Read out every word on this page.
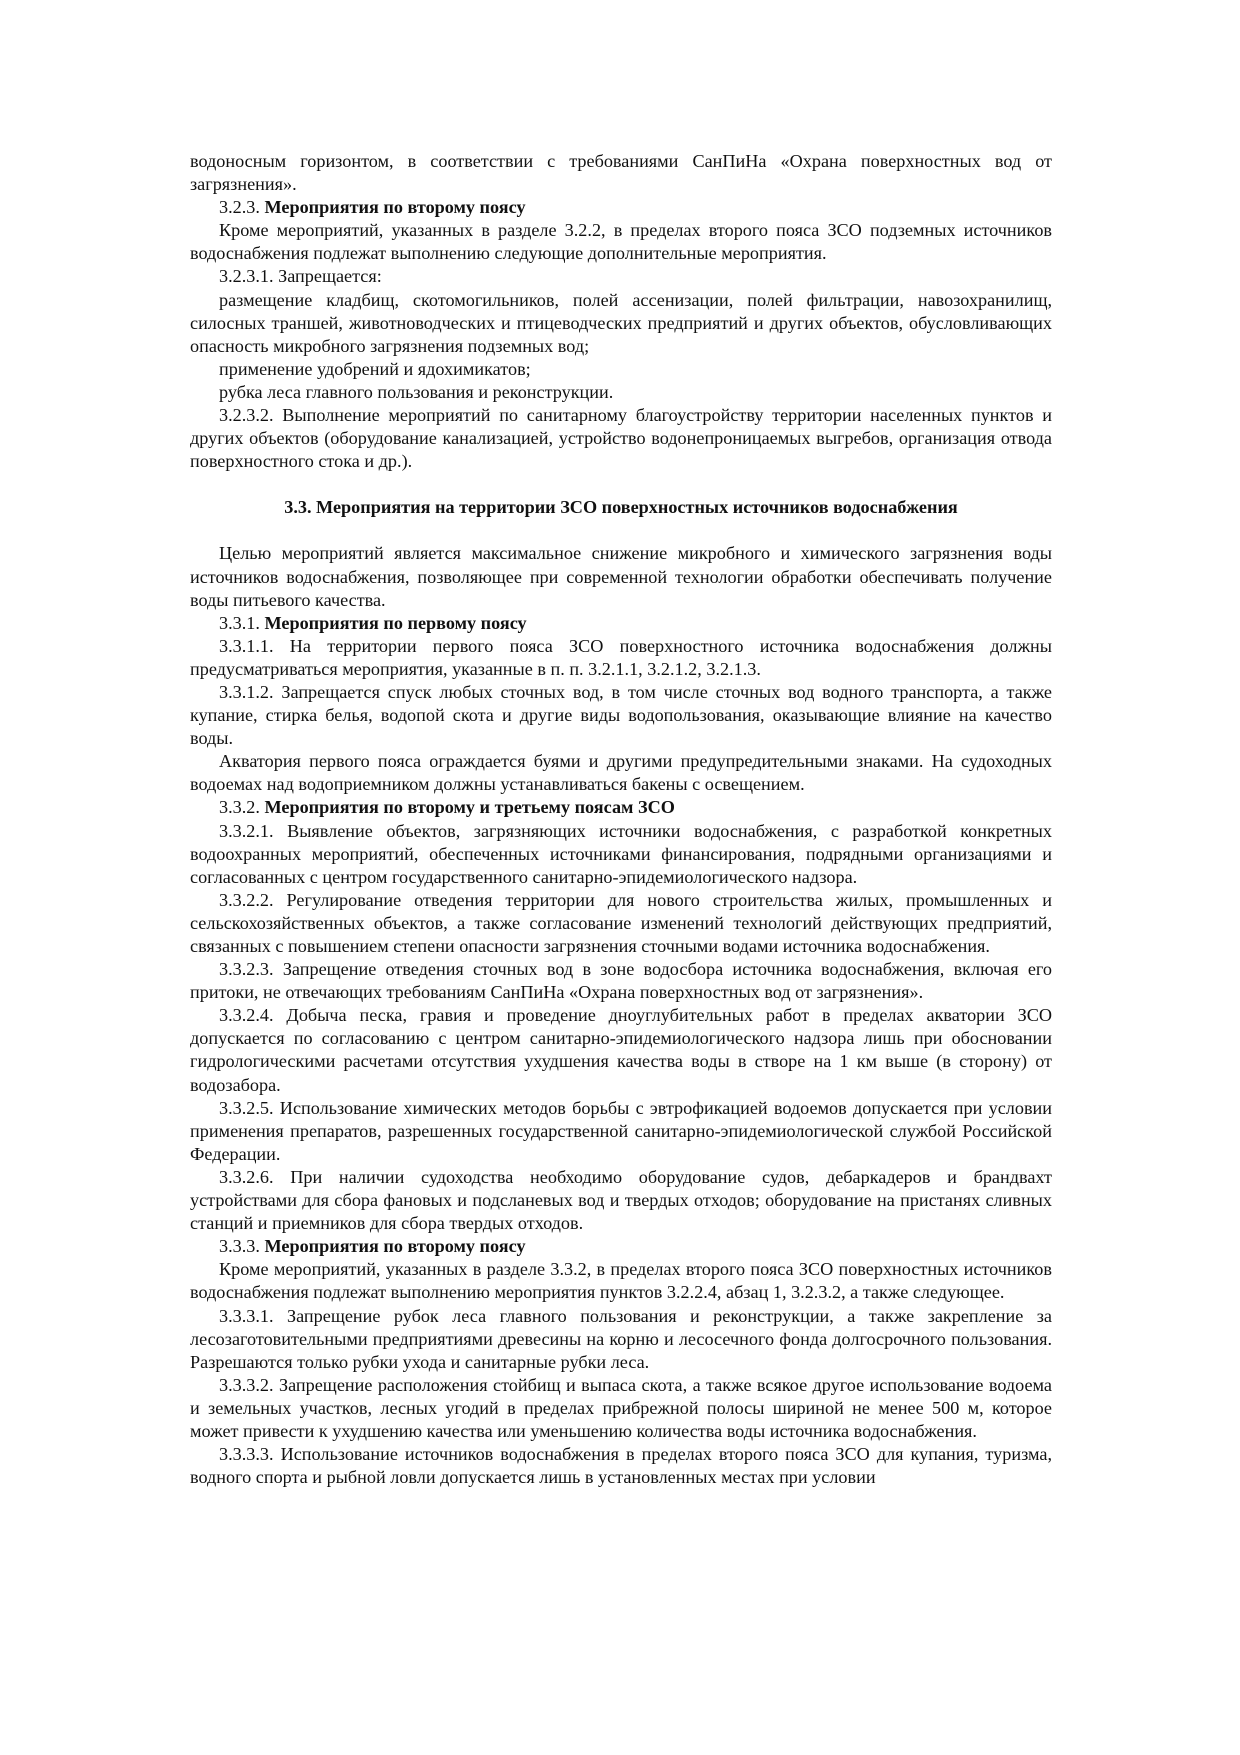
водоносным горизонтом, в соответствии с требованиями СанПиНа «Охрана поверхностных вод от загрязнения».

3.2.3. Мероприятия по второму поясу

Кроме мероприятий, указанных в разделе 3.2.2, в пределах второго пояса ЗСО подземных источников водоснабжения подлежат выполнению следующие дополнительные мероприятия.

3.2.3.1. Запрещается:

размещение кладбищ, скотомогильников, полей ассенизации, полей фильтрации, навозохранилищ, силосных траншей, животноводческих и птицеводческих предприятий и других объектов, обусловливающих опасность микробного загрязнения подземных вод;

применение удобрений и ядохимикатов;

рубка леса главного пользования и реконструкции.

3.2.3.2. Выполнение мероприятий по санитарному благоустройству территории населенных пунктов и других объектов (оборудование канализацией, устройство водонепроницаемых выгребов, организация отвода поверхностного стока и др.).

3.3. Мероприятия на территории ЗСО поверхностных источников водоснабжения

Целью мероприятий является максимальное снижение микробного и химического загрязнения воды источников водоснабжения, позволяющее при современной технологии обработки обеспечивать получение воды питьевого качества.

3.3.1. Мероприятия по первому поясу

3.3.1.1. На территории первого пояса ЗСО поверхностного источника водоснабжения должны предусматриваться мероприятия, указанные в п. п. 3.2.1.1, 3.2.1.2, 3.2.1.3.

3.3.1.2. Запрещается спуск любых сточных вод, в том числе сточных вод водного транспорта, а также купание, стирка белья, водопой скота и другие виды водопользования, оказывающие влияние на качество воды.

Акватория первого пояса ограждается буями и другими предупредительными знаками. На судоходных водоемах над водоприемником должны устанавливаться бакены с освещением.

3.3.2. Мероприятия по второму и третьему поясам ЗСО

3.3.2.1. Выявление объектов, загрязняющих источники водоснабжения, с разработкой конкретных водоохранных мероприятий, обеспеченных источниками финансирования, подрядными организациями и согласованных с центром государственного санитарно-эпидемиологического надзора.

3.3.2.2. Регулирование отведения территории для нового строительства жилых, промышленных и сельскохозяйственных объектов, а также согласование изменений технологий действующих предприятий, связанных с повышением степени опасности загрязнения сточными водами источника водоснабжения.

3.3.2.3. Запрещение отведения сточных вод в зоне водосбора источника водоснабжения, включая его притоки, не отвечающих требованиям СанПиНа «Охрана поверхностных вод от загрязнения».

3.3.2.4. Добыча песка, гравия и проведение дноуглубительных работ в пределах акватории ЗСО допускается по согласованию с центром санитарно-эпидемиологического надзора лишь при обосновании гидрологическими расчетами отсутствия ухудшения качества воды в створе на 1 км выше (в сторону) от водозабора.

3.3.2.5. Использование химических методов борьбы с эвтрофикацией водоемов допускается при условии применения препаратов, разрешенных государственной санитарно-эпидемиологической службой Российской Федерации.

3.3.2.6. При наличии судоходства необходимо оборудование судов, дебаркадеров и брандвахт устройствами для сбора фановых и подсланевых вод и твердых отходов; оборудование на пристанях сливных станций и приемников для сбора твердых отходов.

3.3.3. Мероприятия по второму поясу

Кроме мероприятий, указанных в разделе 3.3.2, в пределах второго пояса ЗСО поверхностных источников водоснабжения подлежат выполнению мероприятия пунктов 3.2.2.4, абзац 1, 3.2.3.2, а также следующее.

3.3.3.1. Запрещение рубок леса главного пользования и реконструкции, а также закрепление за лесозаготовительными предприятиями древесины на корню и лесосечного фонда долгосрочного пользования. Разрешаются только рубки ухода и санитарные рубки леса.

3.3.3.2. Запрещение расположения стойбищ и выпаса скота, а также всякое другое использование водоема и земельных участков, лесных угодий в пределах прибрежной полосы шириной не менее 500 м, которое может привести к ухудшению качества или уменьшению количества воды источника водоснабжения.

3.3.3.3. Использование источников водоснабжения в пределах второго пояса ЗСО для купания, туризма, водного спорта и рыбной ловли допускается лишь в установленных местах при условии
